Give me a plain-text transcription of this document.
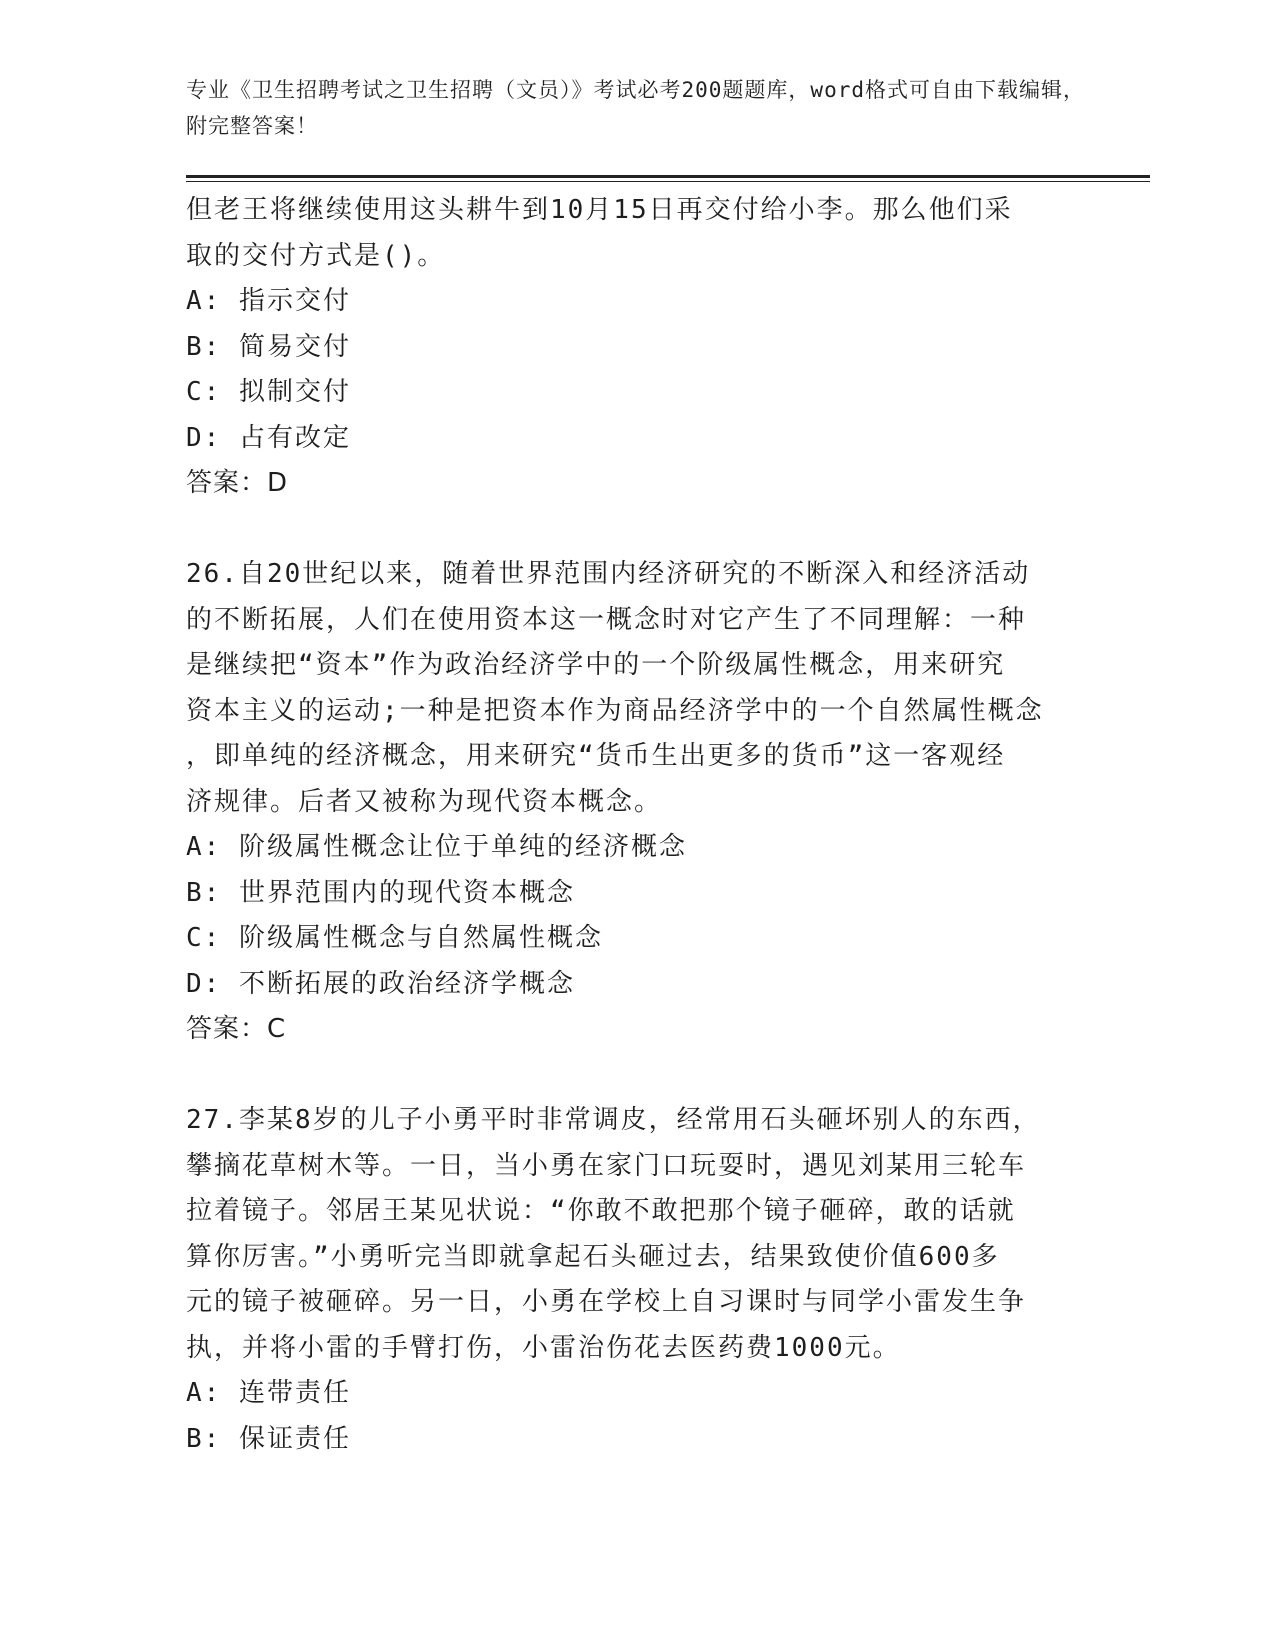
专业《卫生招聘考试之卫生招聘（文员）》考试必考200题题库，word格式可自由下载编辑，附完整答案！
但老王将继续使用这头耕牛到10月15日再交付给小李。那么他们采
取的交付方式是()。
A: 指示交付
B: 简易交付
C: 拟制交付
D: 占有改定
答案：D
26.自20世纪以来，随着世界范围内经济研究的不断深入和经济活动
的不断拓展，人们在使用资本这一概念时对它产生了不同理解：一种
是继续把“资本”作为政治经济学中的一个阶级属性概念，用来研究
资本主义的运动;一种是把资本作为商品经济学中的一个自然属性概念
，即单纯的经济概念，用来研究“货币生出更多的货币”这一客观经
济规律。后者又被称为现代资本概念。
A: 阶级属性概念让位于单纯的经济概念
B: 世界范围内的现代资本概念
C: 阶级属性概念与自然属性概念
D: 不断拓展的政治经济学概念
答案：C
27.李某8岁的儿子小勇平时非常调皮，经常用石头砸坏别人的东西，
攀摘花草树木等。一日，当小勇在家门口玩耍时，遇见刘某用三轮车
拉着镜子。邻居王某见状说：“你敢不敢把那个镜子砸碎，敢的话就
算你厉害。”小勇听完当即就拿起石头砸过去，结果致使价值600多
元的镜子被砸碎。另一日，小勇在学校上自习课时与同学小雷发生争
执，并将小雷的手臂打伤，小雷治伤花去医药费1000元。
A: 连带责任
B: 保证责任
